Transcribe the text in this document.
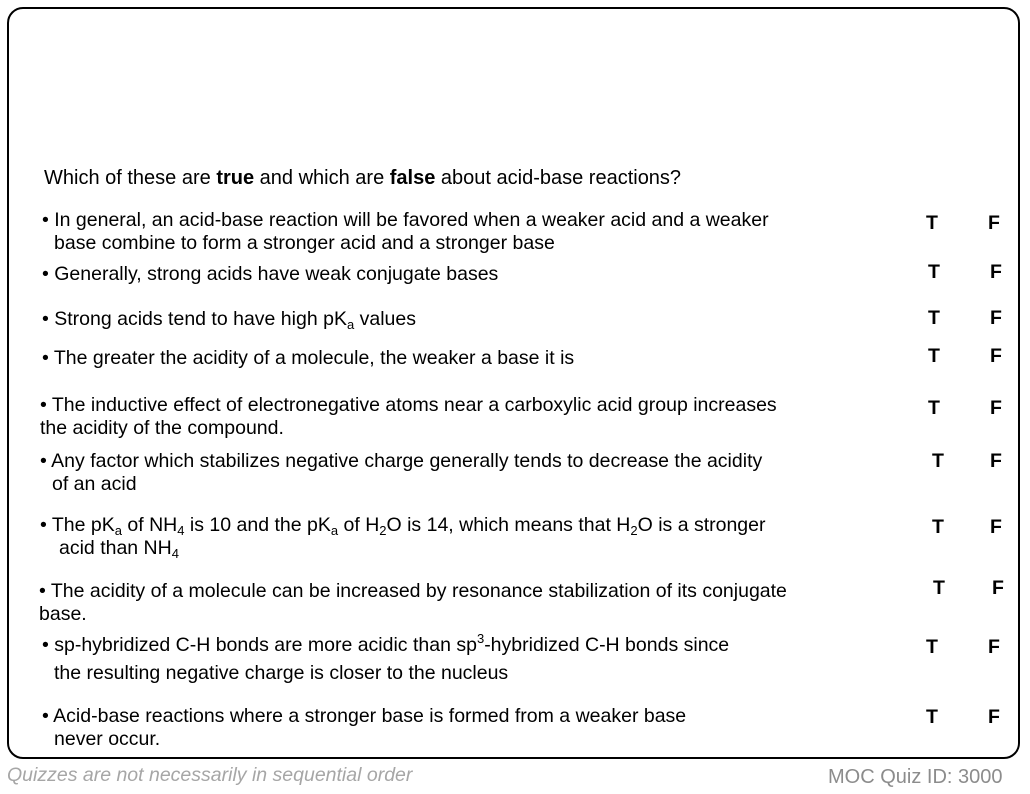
Which of these are true and which are false about acid-base reactions?
• In general, an acid-base reaction will be favored when a weaker acid and a weaker
base combine to form a stronger acid and a stronger base
T	F
• Generally, strong acids have weak conjugate bases	T	F
• Strong acids tend to have high $pK_a$ values	T	F
• The greater the acidity of a molecule, the weaker a base it is	T	F
• The inductive effect of electronegative atoms near a carboxylic acid group increases
the acidity of the compound.
T	F
• Any factor which stabilizes negative charge generally tends to decrease the acidity
of an acid
T F
• The $pK_a$ of $NH_4$ is 10 and the $pK_a$ of $H_2O$ is 14, which means that $H_2O$ is a stronger
acid than $NH_4$
T F
• The acidity of a molecule can be increased by resonance stabilization of its conjugate
base.
T F
• sp-hybridized C-H bonds are more acidic than $sp^3$-hybridized C-H bonds since
the resulting negative charge is closer to the nucleus
T	F
• Acid-base reactions where a stronger base is formed from a weaker base
never occur.
T	F
Quizzes are not necessarily in sequential order	MOC Quiz ID: 3000
